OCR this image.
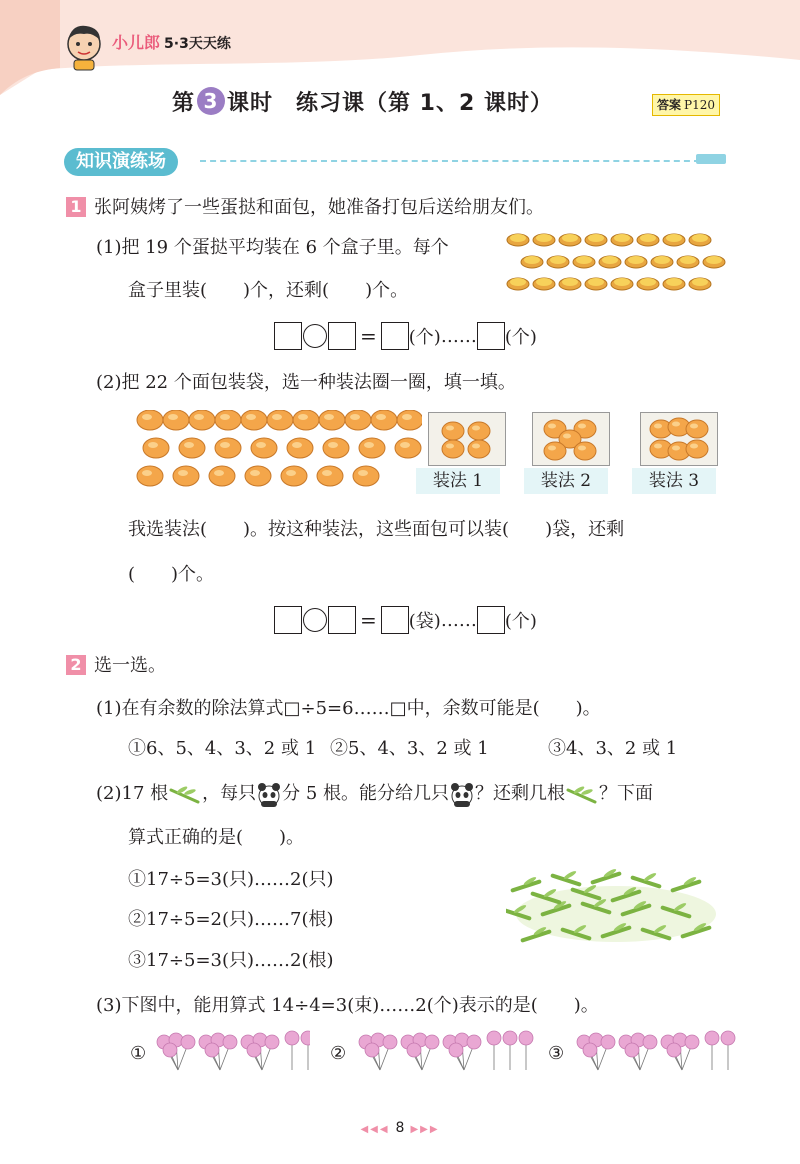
小儿郎 5·3天天练
第 3 课时　练习课（第 1、2 课时）	答案 P120
知识演练场
1 张阿姨烤了一些蛋挞和面包，她准备打包后送给朋友们。
(1)把 19 个蛋挞平均装在 6 个盒子里。每个
盒子里装(　　)个，还剩(　　)个。
= (个) …… (个)
(2)把 22 个面包装袋，选一种装法圈一圈，填一填。
装法 1	装法 2	装法 3
我选装法(　　)。按这种装法，这些面包可以装(　　)袋，还剩
(　　)个。
= (袋) …… (个)
2 选一选。
(1)在有余数的除法算式□÷5=6……□中，余数可能是(　　)。
①6、5、4、3、2 或 1 ②5、4、3、2 或 1	③4、3、2 或 1
(2)17 根 ，每只 分 5 根。能分给几只 ？还剩几根 ？下面
算式正确的是(　　)。
①17÷5=3(只)……2(只)
②17÷5=2(只)……7(根)
③17÷5=3(只)……2(根)
(3)下图中，能用算式 14÷4=3(束)……2(个)表示的是(　　)。
①	②	③
◀◀◀ 8 ▶▶▶
